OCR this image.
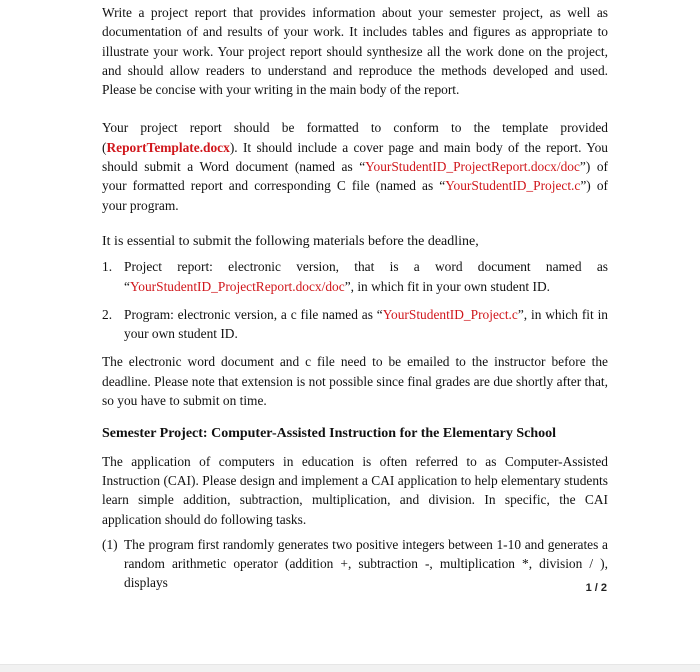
Write a project report that provides information about your semester project, as well as documentation of and results of your work. It includes tables and figures as appropriate to illustrate your work. Your project report should synthesize all the work done on the project, and should allow readers to understand and reproduce the methods developed and used. Please be concise with your writing in the main body of the report.

Your project report should be formatted to conform to the template provided (ReportTemplate.docx). It should include a cover page and main body of the report. You should submit a Word document (named as “YourStudentID_ProjectReport.docx/doc”) of your formatted report and corresponding C file (named as “YourStudentID_Project.c”) of your program.

It is essential to submit the following materials before the deadline,

1. Project report: electronic version, that is a word document named as “YourStudentID_ProjectReport.docx/doc”, in which fit in your own student ID.

2. Program: electronic version, a c file named as “YourStudentID_Project.c”, in which fit in your own student ID.

The electronic word document and c file need to be emailed to the instructor before the deadline. Please note that extension is not possible since final grades are due shortly after that, so you have to submit on time.

Semester Project: Computer-Assisted Instruction for the Elementary School

The application of computers in education is often referred to as Computer-Assisted Instruction (CAI). Please design and implement a CAI application to help elementary students learn simple addition, subtraction, multiplication, and division. In specific, the CAI application should do following tasks.

(1) The program first randomly generates two positive integers between 1-10 and generates a random arithmetic operator (addition +, subtraction -, multiplication *, division / ), displays	1 / 2
